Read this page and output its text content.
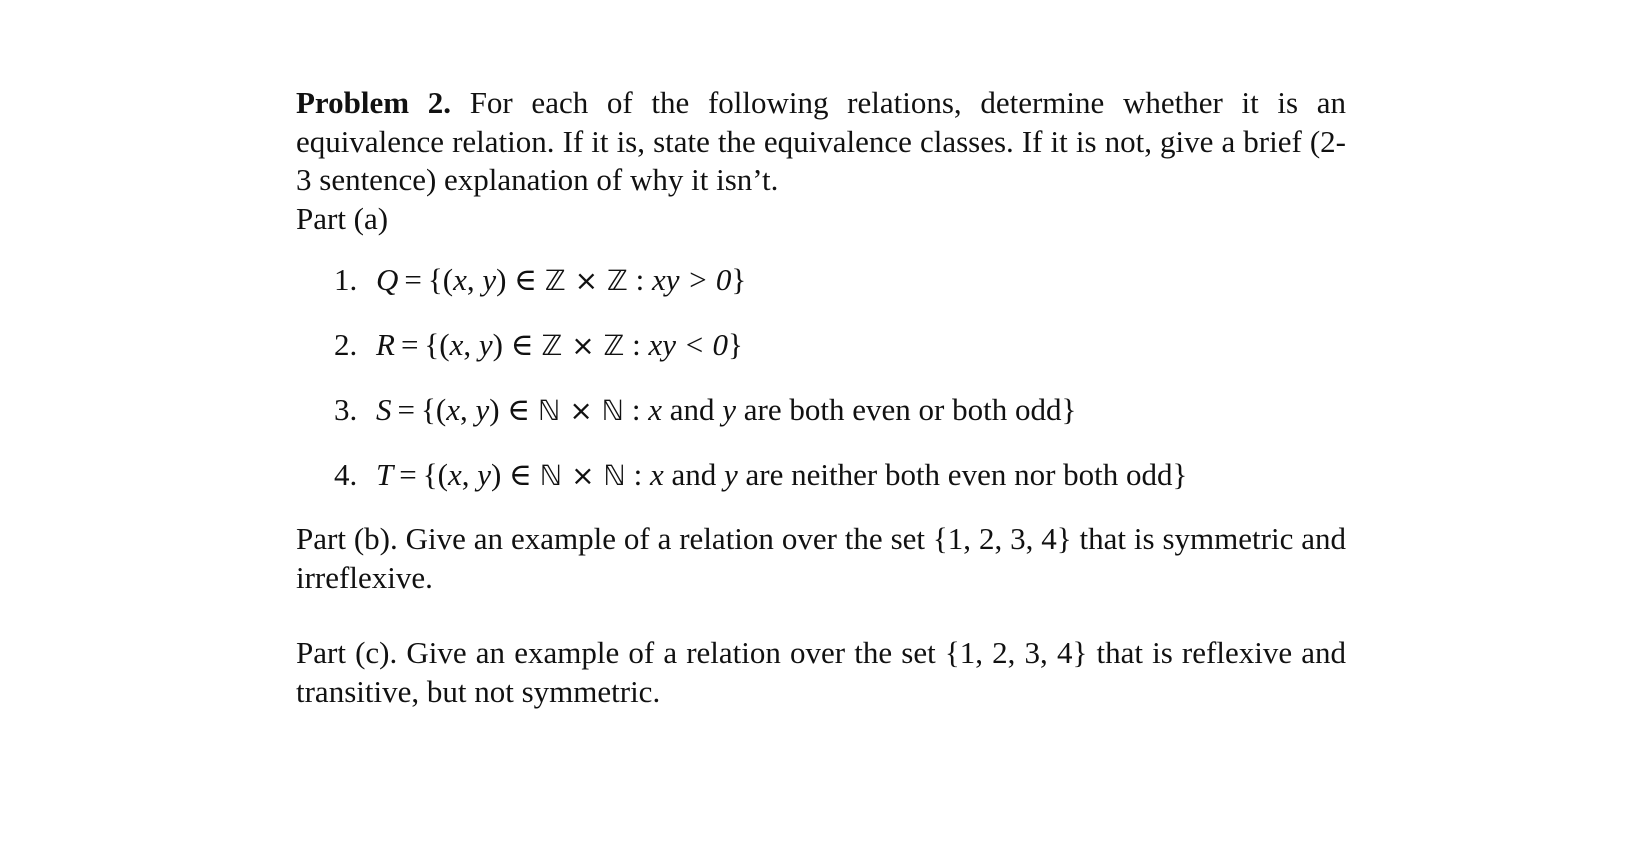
Problem 2. For each of the following relations, determine whether it is an equivalence relation. If it is, state the equivalence classes. If it is not, give a brief (2-3 sentence) explanation of why it isn’t.

Part (a)

1. Q = {(x, y) ∈ ℤ × ℤ : xy > 0}
2. R = {(x, y) ∈ ℤ × ℤ : xy < 0}
3. S = {(x, y) ∈ ℕ × ℕ : x and y are both even or both odd}
4. T = {(x, y) ∈ ℕ × ℕ : x and y are neither both even nor both odd}

Part (b). Give an example of a relation over the set {1, 2, 3, 4} that is symmetric and irreflexive.

Part (c). Give an example of a relation over the set {1, 2, 3, 4} that is reflexive and transitive, but not symmetric.
